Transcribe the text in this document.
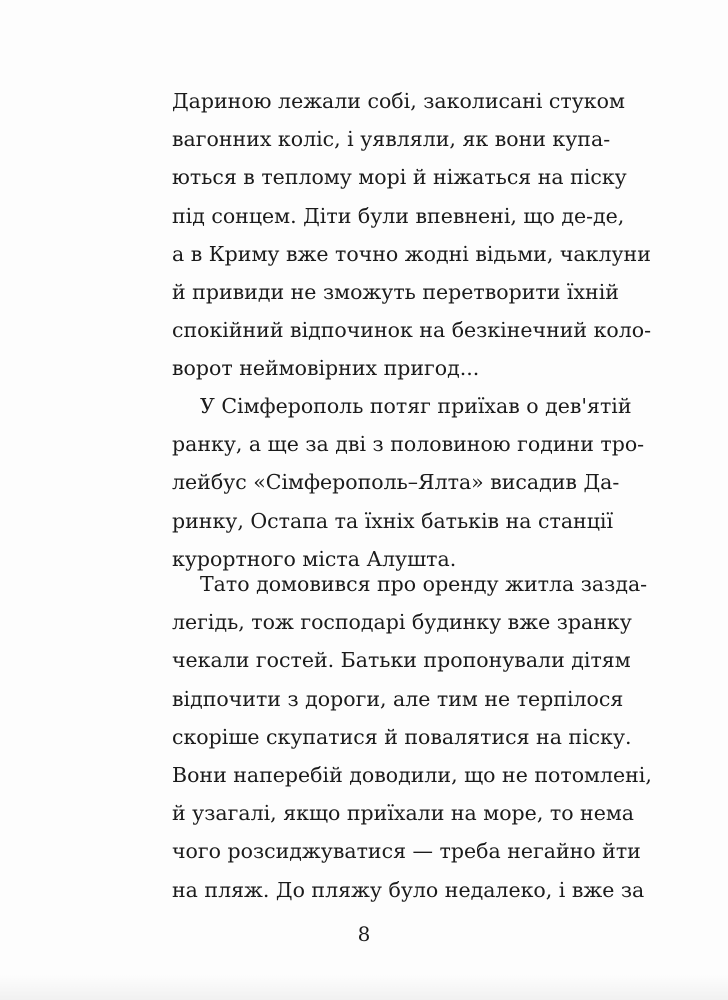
Дариною лежали собі, заколисані стуком
вагонних коліс, і уявляли, як вони купа-
ються в теплому морі й ніжаться на піску
під сонцем. Діти були впевнені, що де-де,
а в Криму вже точно жодні відьми, чаклуни
й привиди не зможуть перетворити їхній
спокійний відпочинок на безкінечний коло-
ворот неймовірних пригод...
У Сімферополь потяг приїхав о дев'ятій
ранку, а ще за дві з половиною години тро-
лейбус «Сімферополь–Ялта» висадив Да-
ринку, Остапа та їхніх батьків на станції
курортного міста Алушта.
Тато домовився про оренду житла зазда-
легідь, тож господарі будинку вже зранку
чекали гостей. Батьки пропонували дітям
відпочити з дороги, але тим не терпілося
скоріше скупатися й повалятися на піску.
Вони наперебій доводили, що не потомлені,
й узагалі, якщо приїхали на море, то нема
чого розсиджуватися — треба негайно йти
на пляж. До пляжу було недалеко, і вже за
8
